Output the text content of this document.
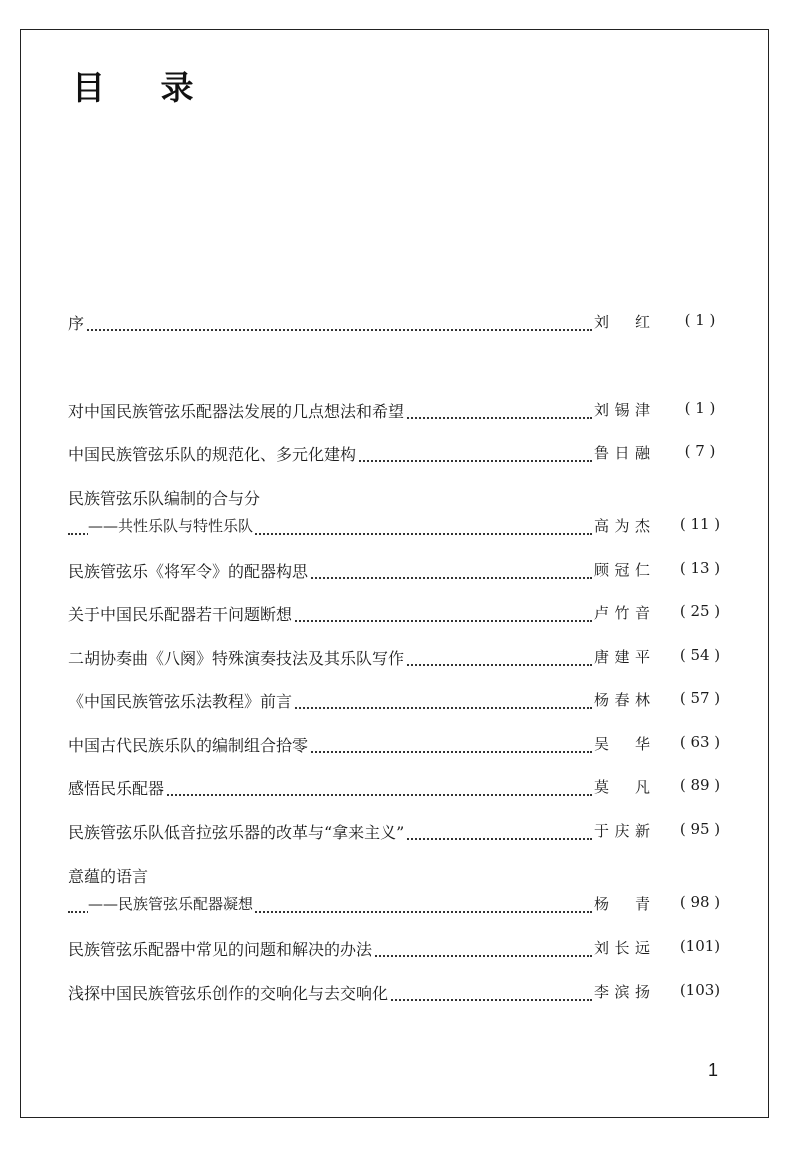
目 录
序	刘 红	( 1 )
对中国民族管弦乐配器法发展的几点想法和希望	刘锡津	( 1 )
中国民族管弦乐队的规范化、多元化建构	鲁日融	( 7 )
民族管弦乐队编制的合与分
——共性乐队与特性乐队	高为杰	( 11 )
民族管弦乐《将军令》的配器构思	顾冠仁	( 13 )
关于中国民乐配器若干问题断想	卢竹音	( 25 )
二胡协奏曲《八阕》特殊演奏技法及其乐队写作	唐建平	( 54 )
《中国民族管弦乐法教程》前言	杨春林	( 57 )
中国古代民族乐队的编制组合拾零	吴 华	( 63 )
感悟民乐配器	莫 凡	( 89 )
民族管弦乐队低音拉弦乐器的改革与“拿来主义”	于庆新	( 95 )
意蕴的语言
——民族管弦乐配器凝想	杨 青	( 98 )
民族管弦乐配器中常见的问题和解决的办法	刘长远	(101)
浅探中国民族管弦乐创作的交响化与去交响化	李滨扬	(103)
1
